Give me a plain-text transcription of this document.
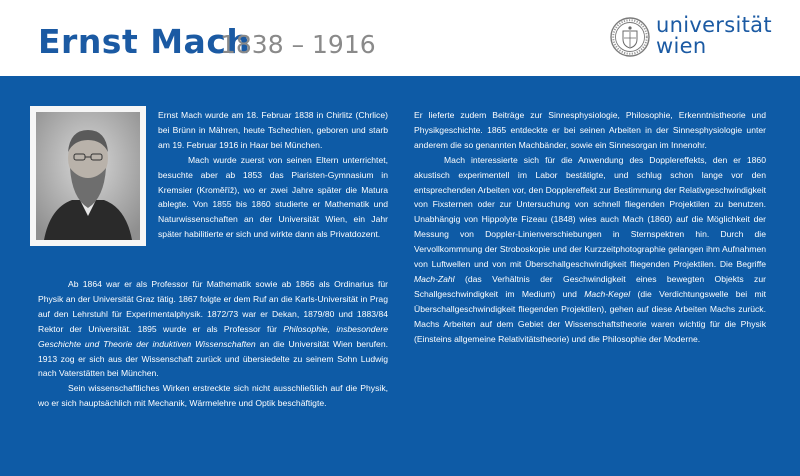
Ernst Mach
1838 – 1916
universität
wien

Ernst Mach wurde am 18. Februar 1838 in Chirlitz (Chrlice) bei Brünn in Mähren, heute Tschechien, geboren und starb am 19. Februar 1916 in Haar bei München.

Mach wurde zuerst von seinen Eltern unterrichtet, besuchte aber ab 1853 das Piaristen-Gymnasium in Kremsier (Kroměříž), wo er zwei Jahre später die Matura ablegte. Von 1855 bis 1860 studierte er Mathematik und Naturwissenschaften an der Universität Wien, ein Jahr später habilitierte er sich und wirkte dann als Privatdozent.

Ab 1864 war er als Professor für Mathematik sowie ab 1866 als Ordinarius für Physik an der Universität Graz tätig. 1867 folgte er dem Ruf an die Karls-Universität in Prag auf den Lehrstuhl für Experimentalphysik. 1872/73 war er Dekan, 1879/80 und 1883/84 Rektor der Universität. 1895 wurde er als Professor für Philosophie, insbesondere Geschichte und Theorie der induktiven Wissenschaften an die Universität Wien berufen. 1913 zog er sich aus der Wissenschaft zurück und übersiedelte zu seinem Sohn Ludwig nach Vaterstätten bei München.

Sein wissenschaftliches Wirken erstreckte sich nicht ausschließlich auf die Physik, wo er sich hauptsächlich mit Mechanik, Wärmelehre und Optik beschäftigte.

Er lieferte zudem Beiträge zur Sinnesphysiologie, Philosophie, Erkenntnistheorie und Physikgeschichte. 1865 entdeckte er bei seinen Arbeiten in der Sinnesphysiologie unter anderem die so genannten Machbänder, sowie ein Sinnesorgan im Innenohr.

Mach interessierte sich für die Anwendung des Dopplereffekts, den er 1860 akustisch experimentell im Labor bestätigte, und schlug schon lange vor den entsprechenden Arbeiten vor, den Dopplereffekt zur Bestimmung der Relativgeschwindigkeit von Fixsternen oder zur Untersuchung von schnell fliegenden Projektilen zu benutzen. Unabhängig von Hippolyte Fizeau (1848) wies auch Mach (1860) auf die Möglichkeit der Messung von Doppler-Linienverschiebungen in Sternspektren hin. Durch die Vervollkommnung der Stroboskopie und der Kurzzeitphotographie gelangen ihm Aufnahmen von Luftwellen und von mit Überschallgeschwindigkeit fliegenden Projektilen. Die Begriffe Mach-Zahl (das Verhältnis der Geschwindigkeit eines bewegten Objekts zur Schallgeschwindigkeit im Medium) und Mach-Kegel (die Verdichtungswelle bei mit Überschallgeschwindigkeit fliegenden Projektilen), gehen auf diese Arbeiten Machs zurück. Machs Arbeiten auf dem Gebiet der Wissenschaftstheorie waren wichtig für die Physik (Einsteins allgemeine Relativitätstheorie) und die Philosophie der Moderne.
